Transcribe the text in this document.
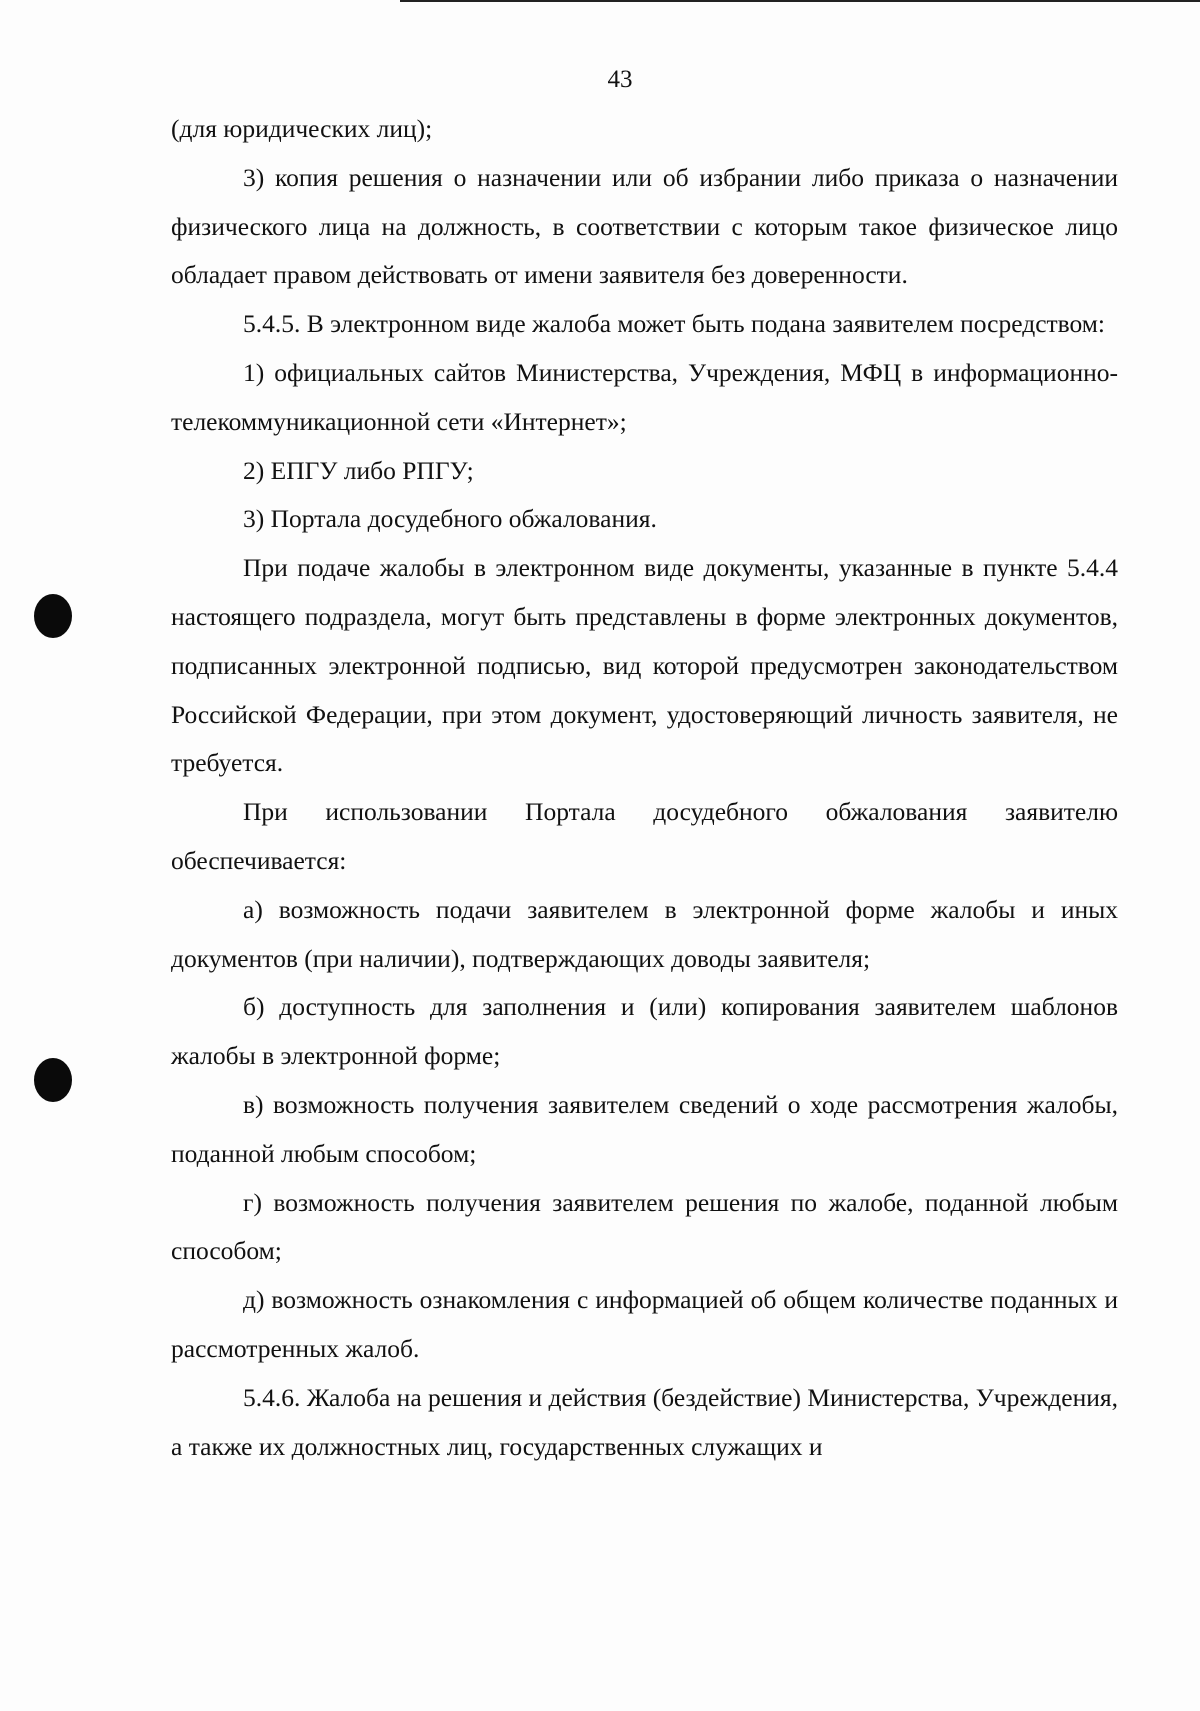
43

(для юридических лиц);

3) копия решения о назначении или об избрании либо приказа о назначении физического лица на должность, в соответствии с которым такое физическое лицо обладает правом действовать от имени заявителя без доверенности.

5.4.5. В электронном виде жалоба может быть подана заявителем посредством:

1) официальных сайтов Министерства, Учреждения, МФЦ в информационно-телекоммуникационной сети «Интернет»;

2) ЕПГУ либо РПГУ;

3) Портала досудебного обжалования.

При подаче жалобы в электронном виде документы, указанные в пункте 5.4.4 настоящего подраздела, могут быть представлены в форме электронных документов, подписанных электронной подписью, вид которой предусмотрен законодательством Российской Федерации, при этом документ, удостоверяющий личность заявителя, не требуется.

При использовании Портала досудебного обжалования заявителю обеспечивается:

а) возможность подачи заявителем в электронной форме жалобы и иных документов (при наличии), подтверждающих доводы заявителя;

б) доступность для заполнения и (или) копирования заявителем шаблонов жалобы в электронной форме;

в) возможность получения заявителем сведений о ходе рассмотрения жалобы, поданной любым способом;

г) возможность получения заявителем решения по жалобе, поданной любым способом;

д) возможность ознакомления с информацией об общем количестве поданных и рассмотренных жалоб.

5.4.6. Жалоба на решения и действия (бездействие) Министерства, Учреждения, а также их должностных лиц, государственных служащих и
